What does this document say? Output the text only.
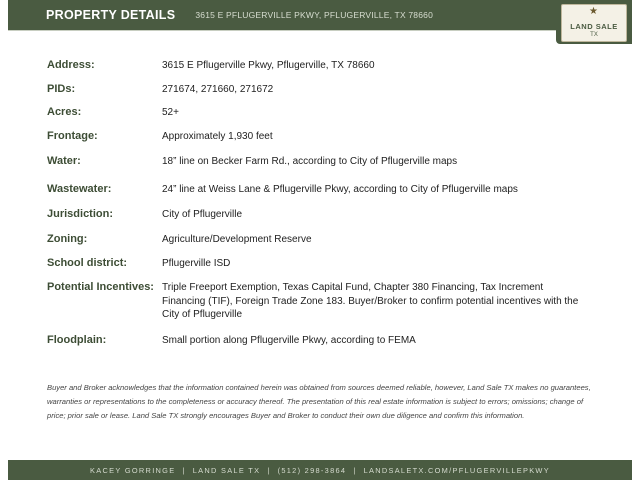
PROPERTY DETAILS 3615 E PFLUGERVILLE PKWY, PFLUGERVILLE, TX 78660	★
LAND SALE
TX
Address:	3615 E Pflugerville Pkwy, Pflugerville, TX 78660
PIDs:	271674, 271660, 271672
Acres:	52+
Frontage:	Approximately 1,930 feet
Water:	18” line on Becker Farm Rd., according to City of Pflugerville maps
Wastewater:	24” line at Weiss Lane & Pflugerville Pkwy, according to City of Pflugerville maps
Jurisdiction:	City of Pflugerville
Zoning:	Agriculture/Development Reserve
School district:	Pflugerville ISD
Potential Incentives: Triple Freeport Exemption, Texas Capital Fund, Chapter 380 Financing, Tax Increment Financing (TIF), Foreign Trade Zone 183. Buyer/Broker to confirm potential incentives with the City of Pflugerville
Floodplain:	Small portion along Pflugerville Pkwy, according to FEMA
Buyer and Broker acknowledges that the information contained herein was obtained from sources deemed reliable, however, Land Sale TX makes no guarantees, warranties or representations to the completeness or accuracy thereof. The presentation of this real estate information is subject to errors; omissions; change of price; prior sale or lease. Land Sale TX strongly encourages Buyer and Broker to conduct their own due diligence and confirm this information.
KACEY GORRINGE | LAND SALE TX | (512) 298-3864 | LANDSALETX.COM/PFLUGERVILLEPKWY
